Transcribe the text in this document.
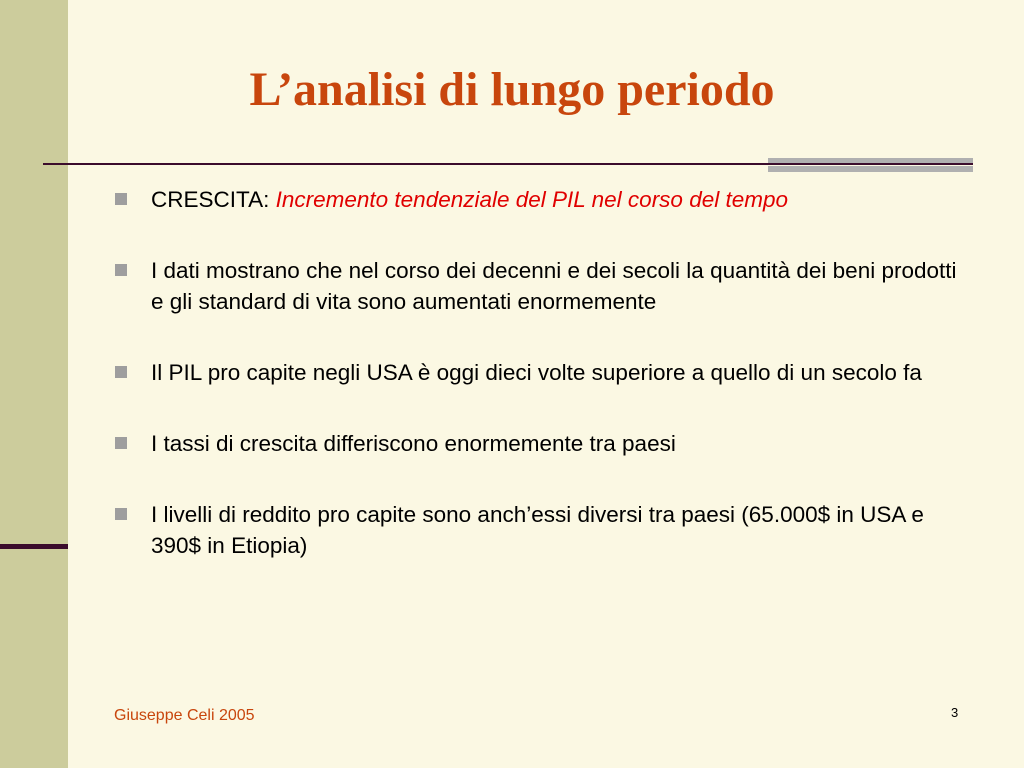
L’analisi di lungo periodo
CRESCITA: Incremento tendenziale del PIL nel corso del tempo
I dati mostrano che nel corso dei decenni e dei secoli la quantità dei beni prodotti e gli standard di vita sono aumentati enormemente
Il PIL pro capite negli USA è oggi dieci volte superiore a quello di un secolo fa
I tassi di crescita differiscono enormemente tra paesi
I livelli di reddito pro capite sono anch’essi diversi tra paesi (65.000$ in USA e 390$ in Etiopia)
Giuseppe Celi 2005	3
